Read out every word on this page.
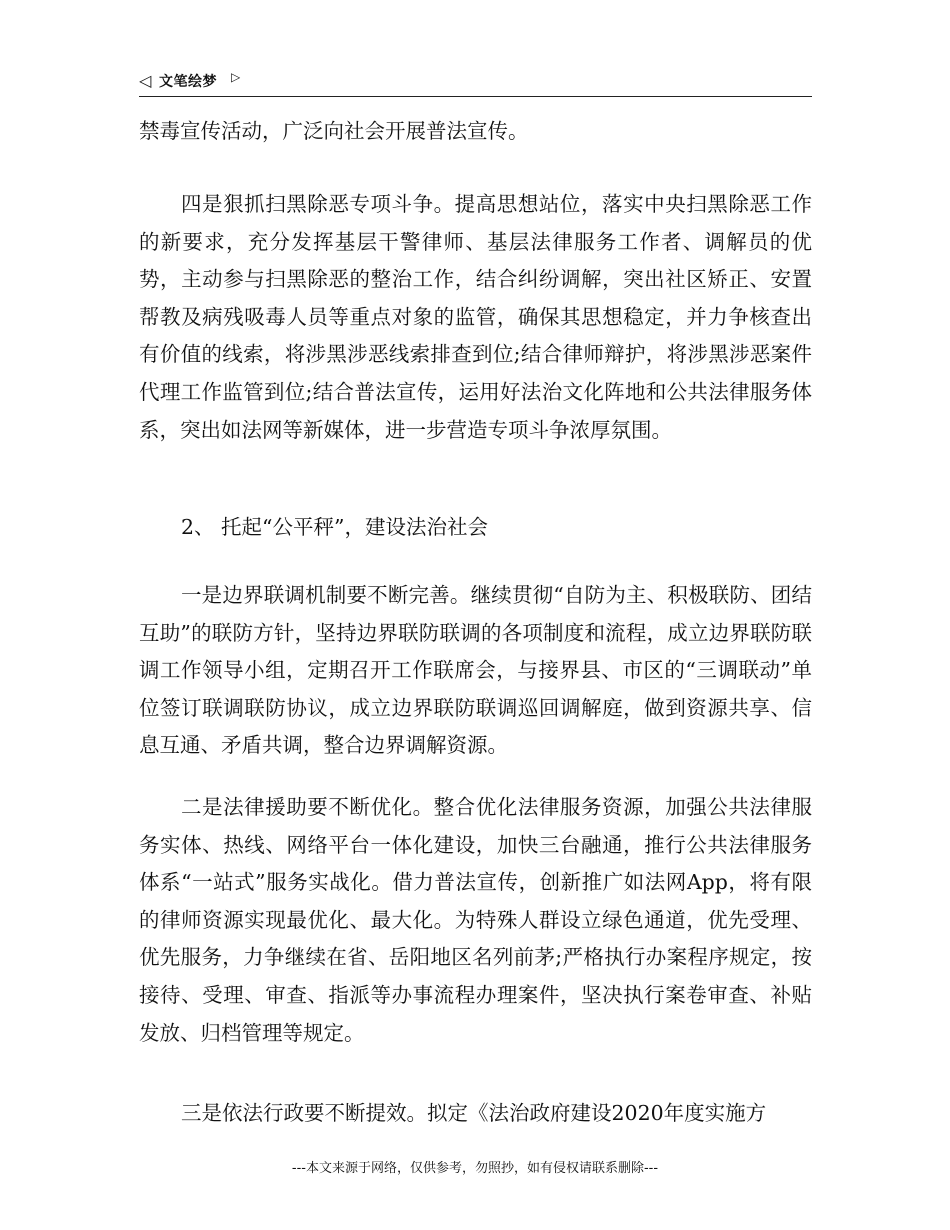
◁ 文笔绘梦 ▷

禁毒宣传活动，广泛向社会开展普法宣传。

四是狠抓扫黑除恶专项斗争。提高思想站位，落实中央扫黑除恶工作的新要求，充分发挥基层干警律师、基层法律服务工作者、调解员的优势，主动参与扫黑除恶的整治工作，结合纠纷调解，突出社区矫正、安置帮教及病残吸毒人员等重点对象的监管，确保其思想稳定，并力争核查出有价值的线索，将涉黑涉恶线索排查到位;结合律师辩护，将涉黑涉恶案件代理工作监管到位;结合普法宣传，运用好法治文化阵地和公共法律服务体系，突出如法网等新媒体，进一步营造专项斗争浓厚氛围。

2、 托起“公平秤”，建设法治社会

一是边界联调机制要不断完善。继续贯彻“自防为主、积极联防、团结互助”的联防方针，坚持边界联防联调的各项制度和流程，成立边界联防联调工作领导小组，定期召开工作联席会，与接界县、市区的“三调联动”单位签订联调联防协议，成立边界联防联调巡回调解庭，做到资源共享、信息互通、矛盾共调，整合边界调解资源。

二是法律援助要不断优化。整合优化法律服务资源，加强公共法律服务实体、热线、网络平台一体化建设，加快三台融通，推行公共法律服务体系“一站式”服务实战化。借力普法宣传，创新推广如法网App，将有限的律师资源实现最优化、最大化。为特殊人群设立绿色通道，优先受理、优先服务，力争继续在省、岳阳地区名列前茅;严格执行办案程序规定，按接待、受理、审查、指派等办事流程办理案件，坚决执行案卷审查、补贴发放、归档管理等规定。

三是依法行政要不断提效。拟定《法治政府建设2020年度实施方

---本文来源于网络，仅供参考，勿照抄，如有侵权请联系删除---
